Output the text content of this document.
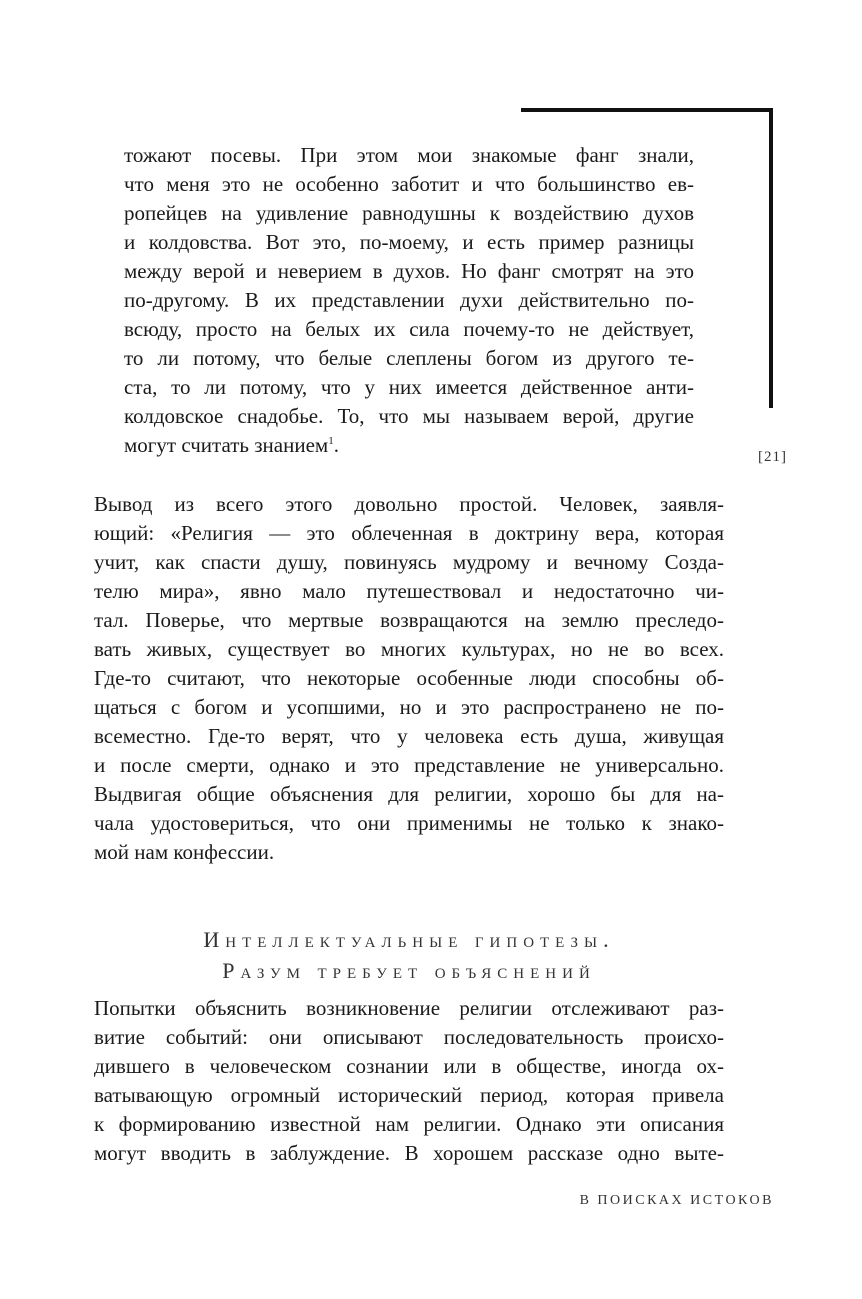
[21]
тожают посевы. При этом мои знакомые фанг знали,
что меня это не особенно заботит и что большинство ев-
ропейцев на удивление равнодушны к воздействию духов
и колдовства. Вот это, по-моему, и есть пример разницы
между верой и неверием в духов. Но фанг смотрят на это
по-другому. В их представлении духи действительно по-
всюду, просто на белых их сила почему-то не действует,
то ли потому, что белые слеплены богом из другого те-
ста, то ли потому, что у них имеется действенное анти-
колдовское снадобье. То, что мы называем верой, другие
могут считать знанием$^1$.
Вывод из всего этого довольно простой. Человек, заявля-
ющий: «Религия — это облеченная в доктрину вера, которая
учит, как спасти душу, повинуясь мудрому и вечному Созда-
телю мира», явно мало путешествовал и недостаточно чи-
тал. Поверье, что мертвые возвращаются на землю преследо-
вать живых, существует во многих культурах, но не во всех.
Где-то считают, что некоторые особенные люди способны об-
щаться с богом и усопшими, но и это распространено не по-
всеместно. Где-то верят, что у человека есть душа, живущая
и после смерти, однако и это представление не универсально.
Выдвигая общие объяснения для религии, хорошо бы для на-
чала удостовериться, что они применимы не только к знако-
мой нам конфессии.
Интеллектуальные гипотезы.
Разум требует объяснений
Попытки объяснить возникновение религии отслеживают раз-
витие событий: они описывают последовательность происхо-
дившего в человеческом сознании или в обществе, иногда ох-
ватывающую огромный исторический период, которая привела
к формированию известной нам религии. Однако эти описания
могут вводить в заблуждение. В хорошем рассказе одно выте-
В ПОИСКАХ ИСТОКОВ
